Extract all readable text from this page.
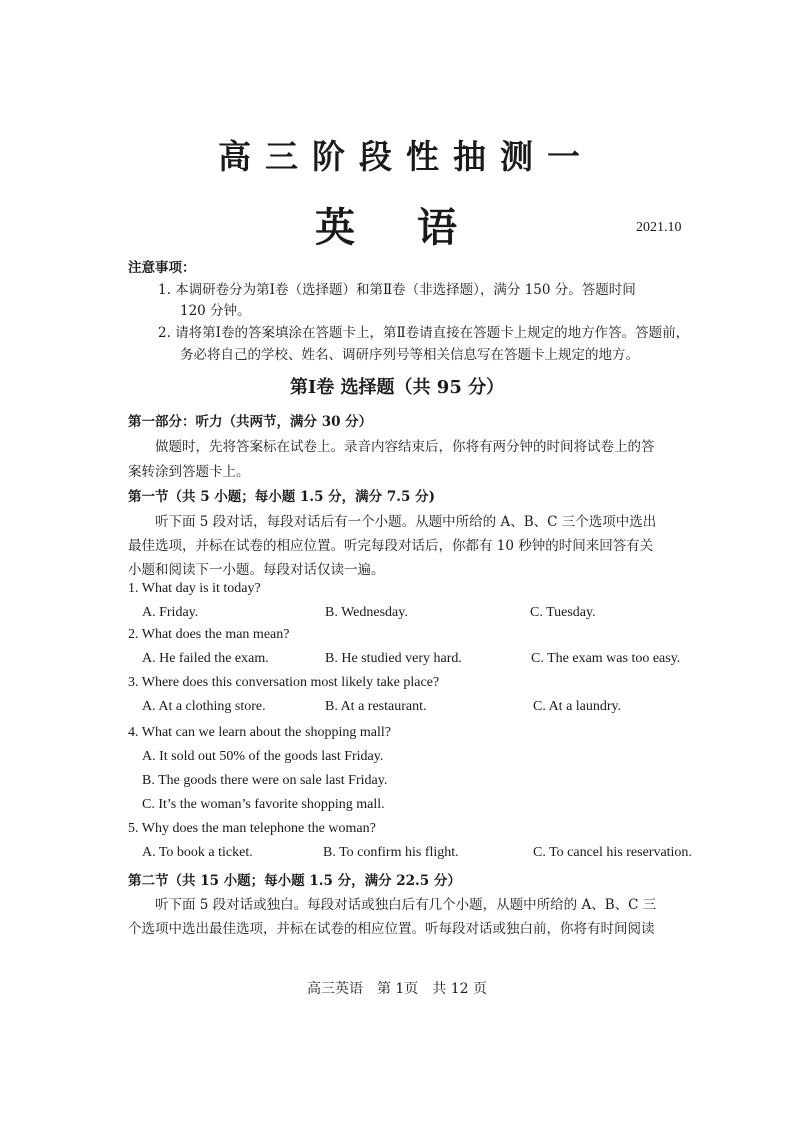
高三阶段性抽测一
英语	2021.10
注意事项：
1. 本调研卷分为第Ⅰ卷（选择题）和第Ⅱ卷（非选择题），满分 150 分。答题时间
120 分钟。
2. 请将第Ⅰ卷的答案填涂在答题卡上，第Ⅱ卷请直接在答题卡上规定的地方作答。答题前，
务必将自己的学校、姓名、调研序列号等相关信息写在答题卡上规定的地方。
第Ⅰ卷 选择题（共 95 分）
第一部分：听力（共两节，满分 30 分）
做题时，先将答案标在试卷上。录音内容结束后，你将有两分钟的时间将试卷上的答
案转涂到答题卡上。
第一节（共 5 小题；每小题 1.5 分，满分 7.5 分)
听下面 5 段对话，每段对话后有一个小题。从题中所给的 A、B、C 三个选项中选出
最佳选项，并标在试卷的相应位置。听完每段对话后，你都有 10 秒钟的时间来回答有关
小题和阅读下一小题。每段对话仅读一遍。
1. What day is it today?
A. Friday.	B. Wednesday.	C. Tuesday.
2. What does the man mean?
A. He failed the exam.	B. He studied very hard.	C. The exam was too easy.
3. Where does this conversation most likely take place?
A. At a clothing store.	B. At a restaurant.	C. At a laundry.
4. What can we learn about the shopping mall?
A. It sold out 50% of the goods last Friday.
B. The goods there were on sale last Friday.
C. It’s the woman’s favorite shopping mall.
5. Why does the man telephone the woman?
A. To book a ticket.	B. To confirm his flight.	C. To cancel his reservation.
第二节（共 15 小题；每小题 1.5 分，满分 22.5 分）
听下面 5 段对话或独白。每段对话或独白后有几个小题，从题中所给的 A、B、C 三
个选项中选出最佳选项，并标在试卷的相应位置。听每段对话或独白前，你将有时间阅读
高三英语　第 1页　共 12 页
